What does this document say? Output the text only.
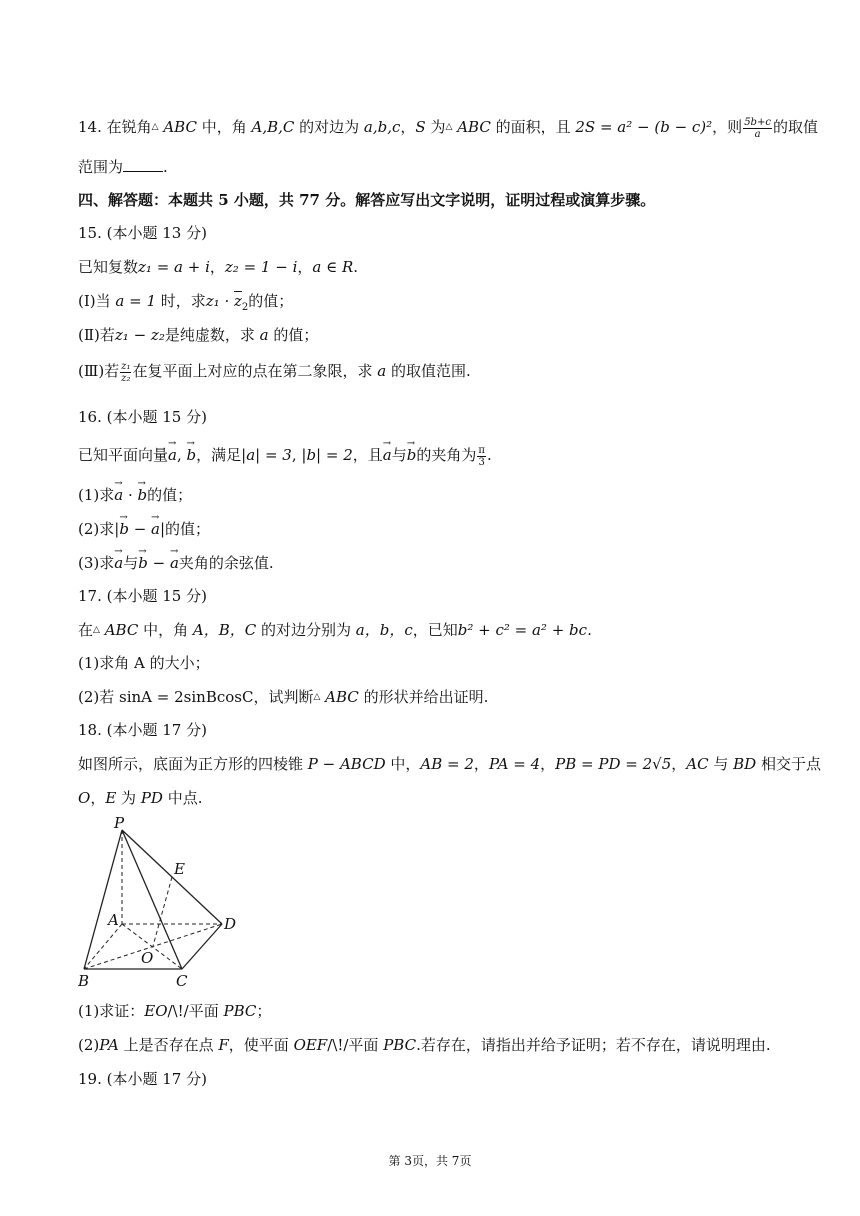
14. 在锐角△ ABC 中，角 A,B,C 的对边为 a,b,c，S 为△ ABC 的面积，且 2S = a² − (b − c)²，则 $\frac{5b+c}{a}$ 的取值
范围为	.
四、解答题：本题共 5 小题，共 77 分。解答应写出文字说明，证明过程或演算步骤。
15. (本小题 13 分)
已知复数z₁ = a + i，z₂ = 1 − i，a ∈ R.
(Ⅰ)当 a = 1 时，求$z_1 \cdot \overline{z}_2$的值；
(Ⅱ)若z₁ − z₂是纯虚数，求 a 的值；
(Ⅲ)若 $\frac{\text{z₁}}{\text{z₂}}$ 在复平面上对应的点在第二象限，求 a 的取值范围.
16. (本小题 15 分)
已知平面向量→ a, → b，满足|a| = 3, |b| = 2，且→ a与→ b的夹角为 $\frac{\pi}{3}$ .
(1)求→ a · → b的值；
(2)求|→ b − → a|的值；
(3)求→ a与→ b − → a夹角的余弦值.
17. (本小题 15 分)
在△ ABC 中，角 A，B，C 的对边分别为 a，b，c，已知b² + c² = a² + bc.
(1)求角 A 的大小；
(2)若 sinA = 2sinBcosC，试判断△ ABC 的形状并给出证明.
18. (本小题 17 分)
如图所示，底面为正方形的四棱锥 P − ABCD 中，AB = 2，PA = 4，PB = PD = 2√5，AC 与 BD 相交于点
O，E 为 PD 中点.
P
E
A	D
O
B	C
(1)求证：EO/\!/平面 PBC；
(2)PA 上是否存在点 F，使平面 OEF/\!/平面 PBC.若存在，请指出并给予证明；若不存在，请说明理由.
19. (本小题 17 分)
第 3页，共 7页
